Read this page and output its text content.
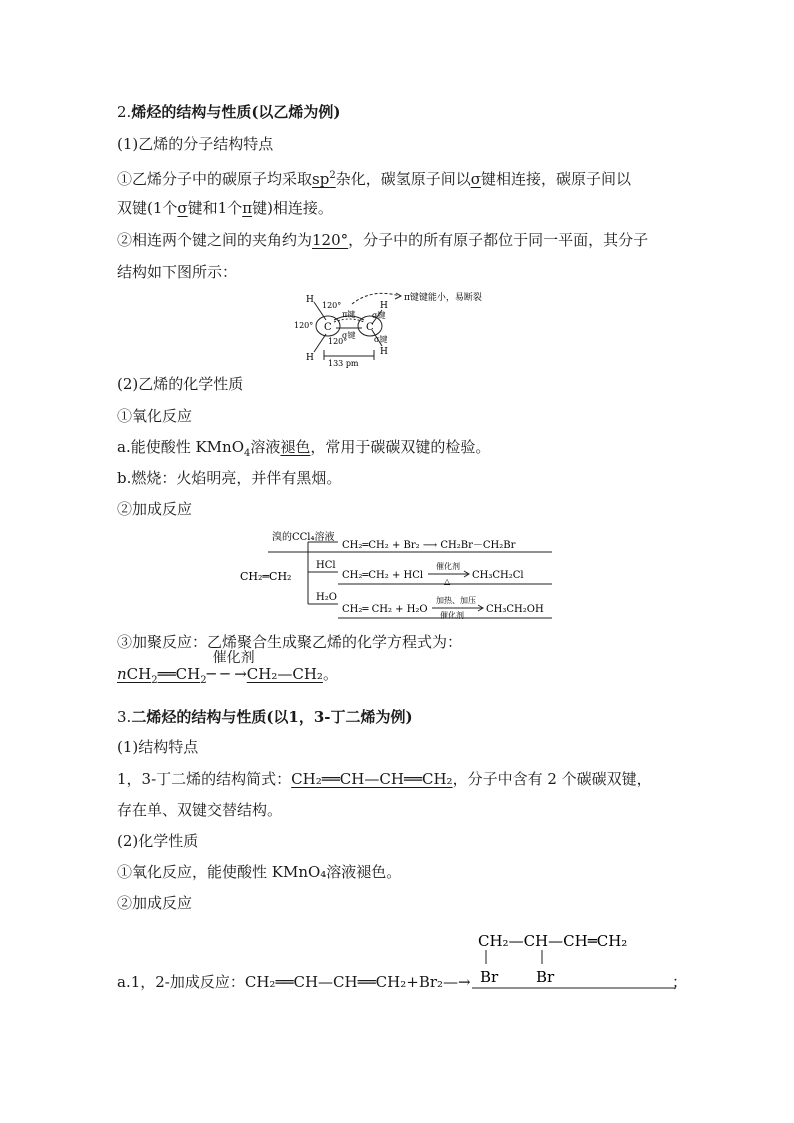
2.烯烃的结构与性质(以乙烯为例)
(1)乙烯的分子结构特点
①乙烯分子中的碳原子均采取$sp^2$杂化，碳氢原子间以σ键相连接，碳原子间以
双键(1个σ键和1个π键)相连接。
②相连两个键之间的夹角约为120°，分子中的所有原子都位于同一平面，其分子
结构如下图所示：
H
H
H
H
C	C
120°
120°
120°
π键
σ键
σ键
σ键
133 pm
π键键能小，易断裂
(2)乙烯的化学性质
①氧化反应
a.能使酸性 KMnO$_4$溶液褪色，常用于碳碳双键的检验。
b.燃烧：火焰明亮，并伴有黑烟。
②加成反应
溴的CCl₄溶液
CH₂═CH₂ + Br₂ ⟶ CH₂Br－CH₂Br
CH₂═CH₂
HCl
CH₂═CH₂ + HCl
催化剂
△
CH₃CH₂Cl
H₂O
CH₂═ CH₂ + H₂O
加热、加压
催化剂
CH₃CH₂OH
③加聚反应：乙烯聚合生成聚乙烯的化学方程式为：
$nCH_2══CH_2$
催化剂
─ ─ →CH₂—CH₂。
3.二烯烃的结构与性质(以1，3-丁二烯为例)
(1)结构特点
1，3-丁二烯的结构简式：CH₂══CH—CH══CH₂，分子中含有 2 个碳碳双键，
存在单、双键交替结构。
(2)化学性质
①氧化反应，能使酸性 KMnO₄溶液褪色。
②加成反应
a.1，2-加成反应：CH₂══CH—CH══CH₂+Br₂—→
CH₂—CH—CH═CH₂
Br	Br	；
